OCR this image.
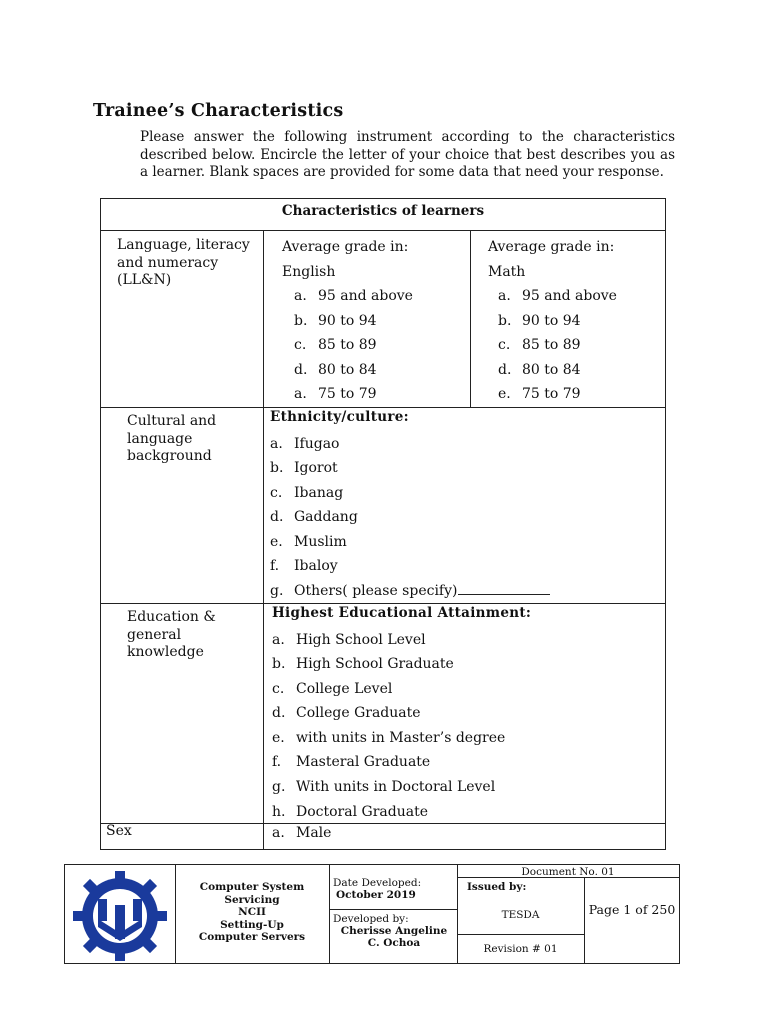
Trainee’s Characteristics
Please answer the following instrument according to the characteristics described below. Encircle the letter of your choice that best describes you as a learner. Blank spaces are provided for some data that need your response.
Characteristics of learners
Language, literacy and numeracy (LL&N)
Average grade in:
English
a. 95 and above
b. 90 to 94
c. 85 to 89
d. 80 to 84
a. 75 to 79
Average grade in:
Math
a. 95 and above
b. 90 to 94
c. 85 to 89
d. 80 to 84
e. 75 to 79
Cultural and language background
Ethnicity/culture:
a. Ifugao
b. Igorot
c. Ibanag
d. Gaddang
e. Muslim
f. Ibaloy
g. Others( please specify)
Education & general knowledge
Highest Educational Attainment:
a. High School Level
b. High School Graduate
c. College Level
d. College Graduate
e. with units in Master’s degree
f. Masteral Graduate
g. With units in Doctoral Level
h. Doctoral Graduate
Sex	a. Male
Computer System
Servicing
NCII
Setting-Up
Computer Servers
Date Developed:
October 2019
Developed by:
Cherisse Angeline
C. Ochoa
Document No. 01
Issued by:
TESDA
Revision # 01
Page 1 of 250
